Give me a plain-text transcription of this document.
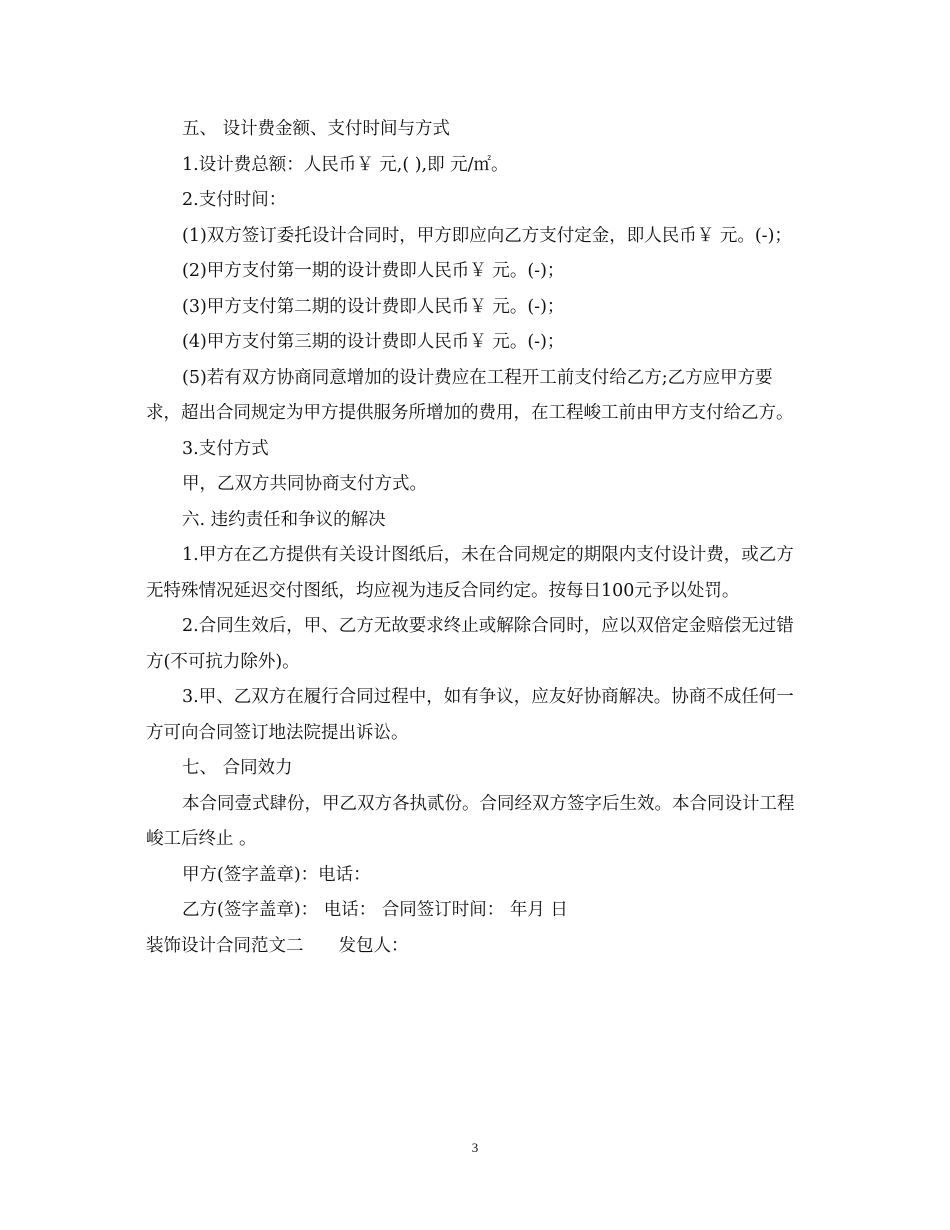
五、 设计费金额、支付时间与方式

1.设计费总额：人民币￥ 元,( ),即 元/㎡。

2.支付时间：

(1)双方签订委托设计合同时，甲方即应向乙方支付定金，即人民币￥ 元。(-)；

(2)甲方支付第一期的设计费即人民币￥ 元。(-)；

(3)甲方支付第二期的设计费即人民币￥ 元。(-)；

(4)甲方支付第三期的设计费即人民币￥ 元。(-)；

(5)若有双方协商同意增加的设计费应在工程开工前支付给乙方;乙方应甲方要求，超出合同规定为甲方提供服务所增加的费用，在工程峻工前由甲方支付给乙方。

3.支付方式

甲，乙双方共同协商支付方式。

六. 违约责任和争议的解决

1.甲方在乙方提供有关设计图纸后，未在合同规定的期限内支付设计费，或乙方无特殊情况延迟交付图纸，均应视为违反合同约定。按每日100元予以处罚。

2.合同生效后，甲、乙方无故要求终止或解除合同时，应以双倍定金赔偿无过错方(不可抗力除外)。

3.甲、乙双方在履行合同过程中，如有争议，应友好协商解决。协商不成任何一方可向合同签订地法院提出诉讼。

七、 合同效力

本合同壹式肆份，甲乙双方各执贰份。合同经双方签字后生效。本合同设计工程峻工后终止 。

甲方(签字盖章)：电话：

乙方(签字盖章)： 电话： 合同签订时间： 年月 日

装饰设计合同范文二　　发包人：

3
